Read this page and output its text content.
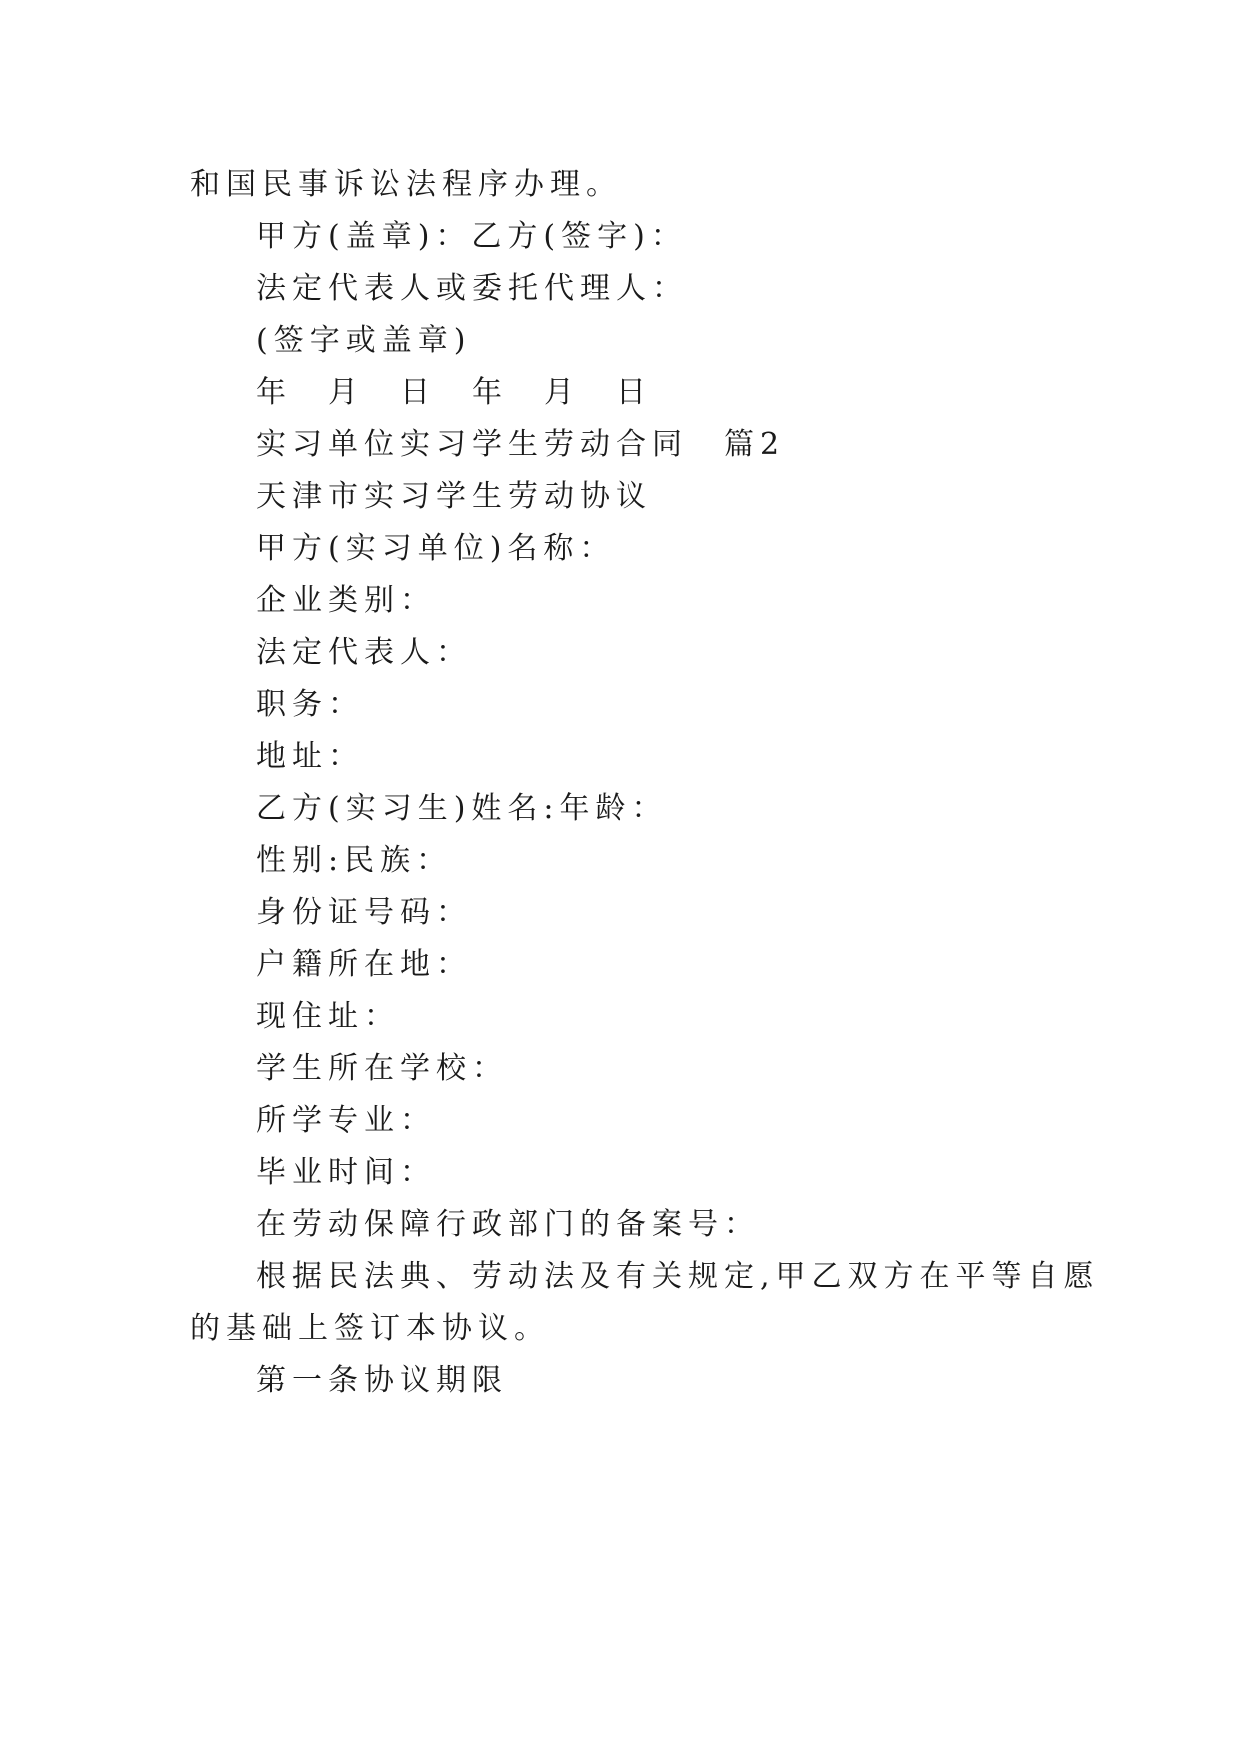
和国民事诉讼法程序办理。
甲方(盖章)：乙方(签字)：
法定代表人或委托代理人：
(签字或盖章)
年　月　日　年　月　日
实习单位实习学生劳动合同　篇2
天津市实习学生劳动协议
甲方(实习单位)名称：
企业类别：
法定代表人：
职务：
地址：
乙方(实习生)姓名:年龄：
性别:民族：
身份证号码：
户籍所在地：
现住址：
学生所在学校：
所学专业：
毕业时间：
在劳动保障行政部门的备案号：
根据民法典、劳动法及有关规定,甲乙双方在平等自愿
的基础上签订本协议。
第一条协议期限
